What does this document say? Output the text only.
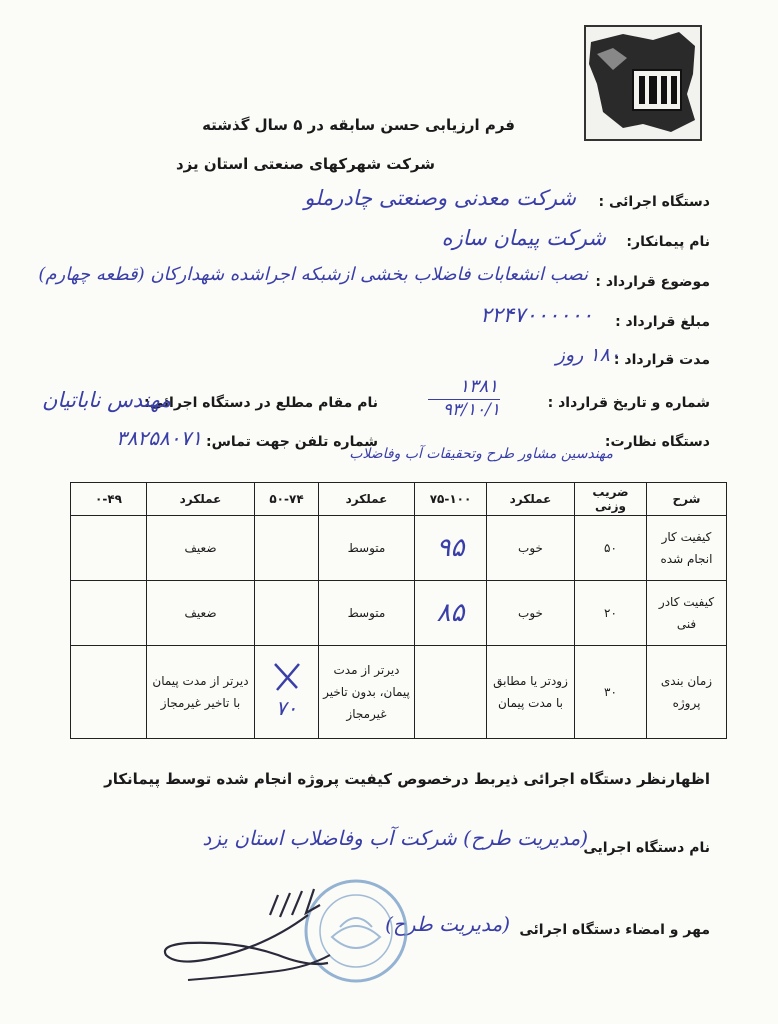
فرم ارزیابی حسن سابقه در ۵ سال گذشته
شرکت شهرکهای صنعتی استان یزد
دستگاه اجرائی :
شرکت معدنی وصنعتی چادرملو
نام پیمانکار:
شرکت پیمان سازه
موضوع قرارداد :
نصب انشعابات فاضلاب بخشی ازشبکه اجراشده شهدارکان (قطعه چهارم)
مبلغ قرارداد :
۲۲۴۷۰۰۰۰۰۰
مدت قرارداد :
۱۸۰ روز
شماره و تاریخ قرارداد :
۱۳۸۱
۹۳/۱۰/۱
نام مقام مطلع در دستگاه اجرائی:
مهندس ناباتیان
دستگاه نظارت:
شماره تلفن جهت تماس:
۳۸۲۵۸۰۷۱
مهندسین مشاور طرح وتحقیقات آب وفاضلاب
شرح	ضریب وزنی	عملکرد	۷۵-۱۰۰	عملکرد	۵۰-۷۴	عملکرد	۰-۴۹
کیفیت کار انجام شده	۵۰	خوب	۹۵	متوسط		ضعیف	
کیفیت کادر فنی	۲۰	خوب	۸۵	متوسط		ضعیف	
زمان بندی پروژه	۳۰	زودتر یا مطابق با مدت پیمان		دیرتر از مدت پیمان، بدون تاخیر غیرمجاز	۷۰	دیرتر از مدت پیمان با تاخیر غیرمجاز	
اظهارنظر دستگاه اجرائی ذیربط درخصوص کیفیت پروژه انجام شده توسط پیمانکار
نام دستگاه اجرایی
(مدیریت طرح) شرکت آب وفاضلاب استان یزد
مهر و امضاء دستگاه اجرائی
(مدیریت طرح)
